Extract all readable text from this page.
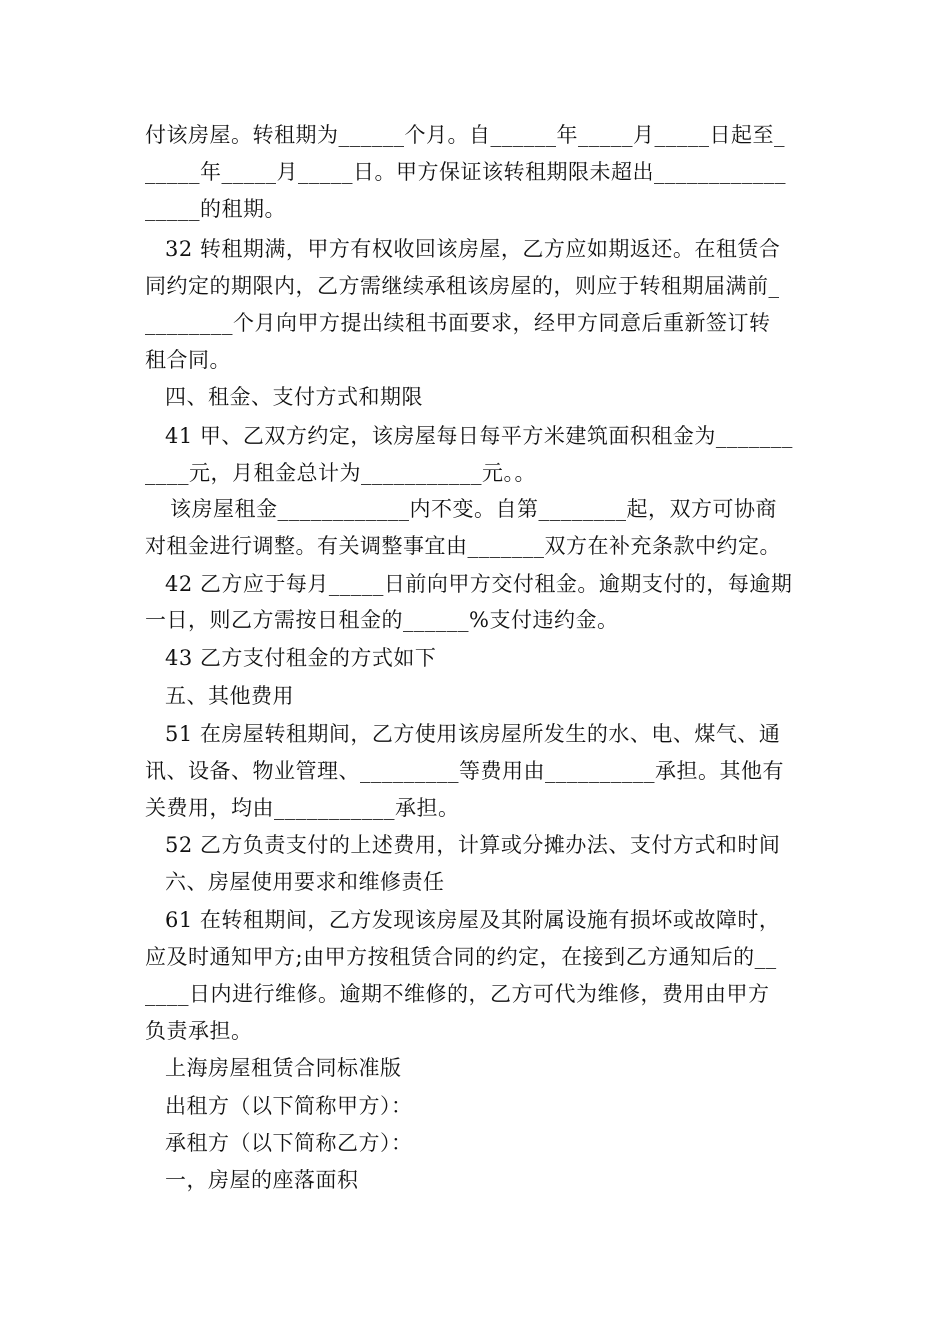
付该房屋。转租期为______个月。自______年_____月_____日起至_
_____年_____月_____日。甲方保证该转租期限未超出____________
_____的租期。
32 转租期满，甲方有权收回该房屋，乙方应如期返还。在租赁合
同约定的期限内，乙方需继续承租该房屋的，则应于转租期届满前_
________个月向甲方提出续租书面要求，经甲方同意后重新签订转
租合同。
四、租金、支付方式和期限
41 甲、乙双方约定，该房屋每日每平方米建筑面积租金为_______
____元，月租金总计为___________元。。
该房屋租金____________内不变。自第________起，双方可协商
对租金进行调整。有关调整事宜由_______双方在补充条款中约定。
42 乙方应于每月_____日前向甲方交付租金。逾期支付的，每逾期
一日，则乙方需按日租金的______%支付违约金。
43 乙方支付租金的方式如下
五、其他费用
51 在房屋转租期间，乙方使用该房屋所发生的水、电、煤气、通
讯、设备、物业管理、_________等费用由__________承担。其他有
关费用，均由___________承担。
52 乙方负责支付的上述费用，计算或分摊办法、支付方式和时间
六、房屋使用要求和维修责任
61 在转租期间，乙方发现该房屋及其附属设施有损坏或故障时，
应及时通知甲方;由甲方按租赁合同的约定，在接到乙方通知后的__
____日内进行维修。逾期不维修的，乙方可代为维修，费用由甲方
负责承担。
上海房屋租赁合同标准版
出租方（以下简称甲方）：
承租方（以下简称乙方）：
一，房屋的座落面积
